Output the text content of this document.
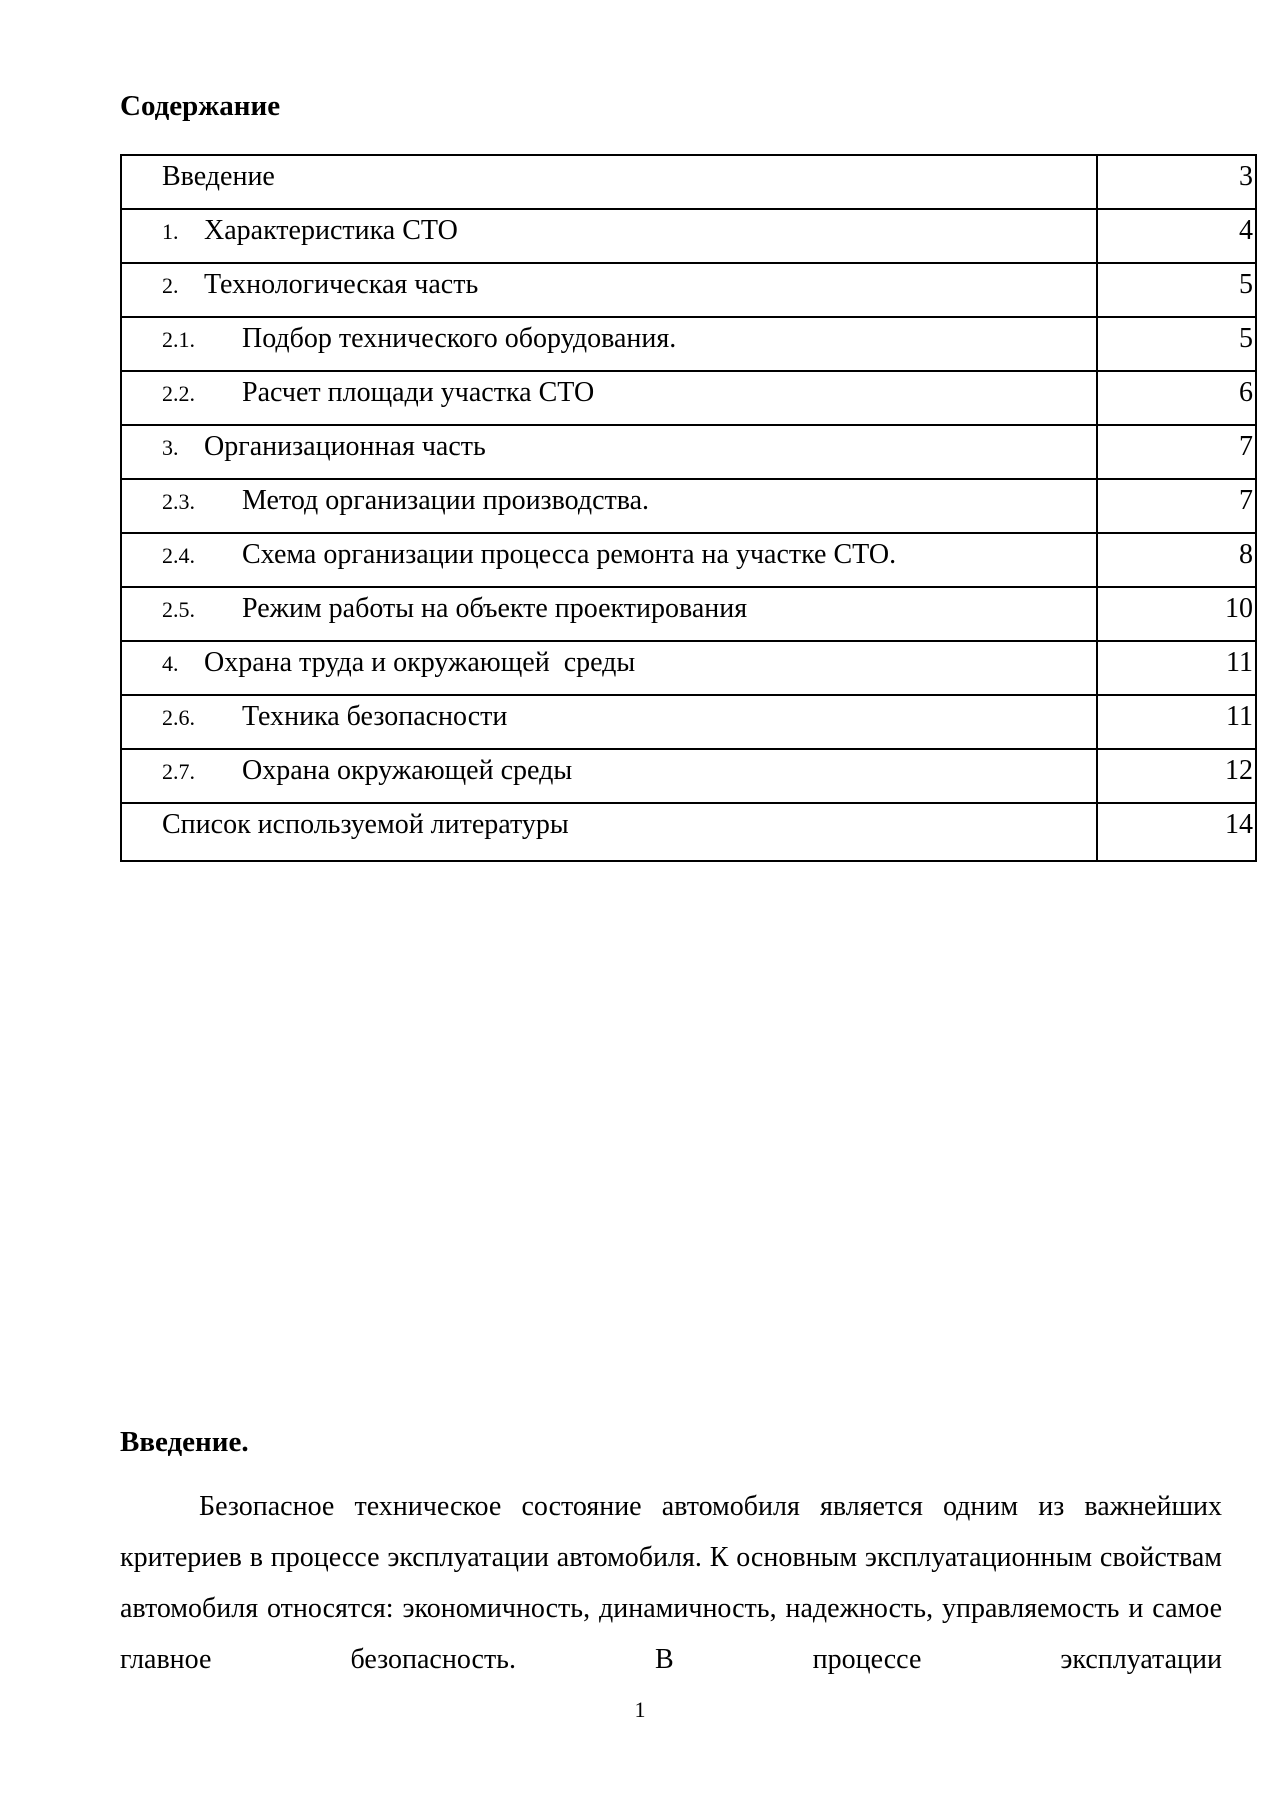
Содержание
Введение	3
1. Характеристика СТО	4
2. Технологическая часть	5
2.1. Подбор технического оборудования.	5
2.2. Расчет площади участка СТО	6
3. Организационная часть	7
2.3. Метод организации производства.	7
2.4. Схема организации процесса ремонта на участке СТО.	8
2.5. Режим работы на объекте проектирования	10
4. Охрана труда и окружающей  среды	11
2.6. Техника безопасности	11
2.7. Охрана окружающей среды	12
Список используемой литературы	14
Введение.

Безопасное техническое состояние автомобиля является одним из важнейших критериев в процессе эксплуатации автомобиля. К основным эксплуатационным свойствам автомобиля относятся: экономичность, динамичность, надежность, управляемость и самое главное безопасность. В процессе эксплуатации

1
